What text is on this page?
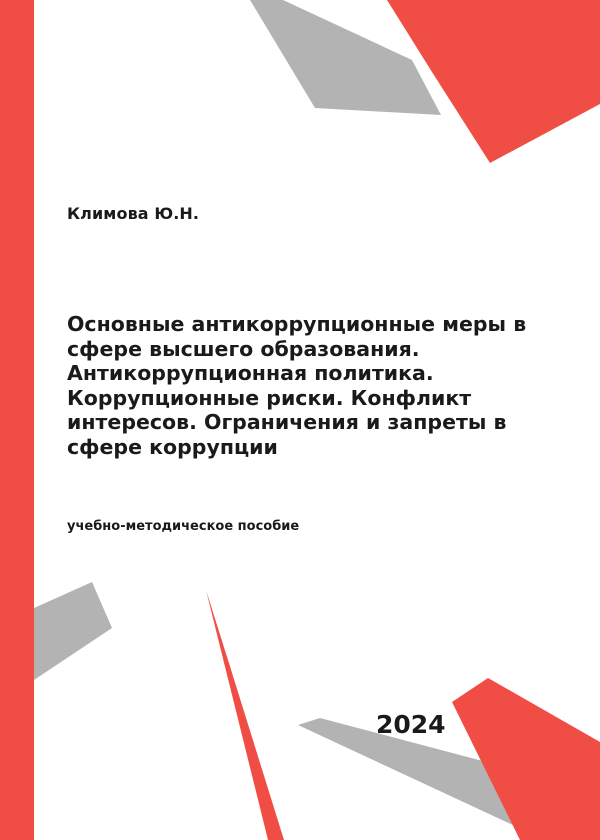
Климова Ю.Н.
Основные антикоррупционные меры в сфере высшего образования. Антикоррупционная политика. Коррупционные риски. Конфликт интересов. Ограничения и запреты в сфере коррупции
учебно-методическое пособие
2024
